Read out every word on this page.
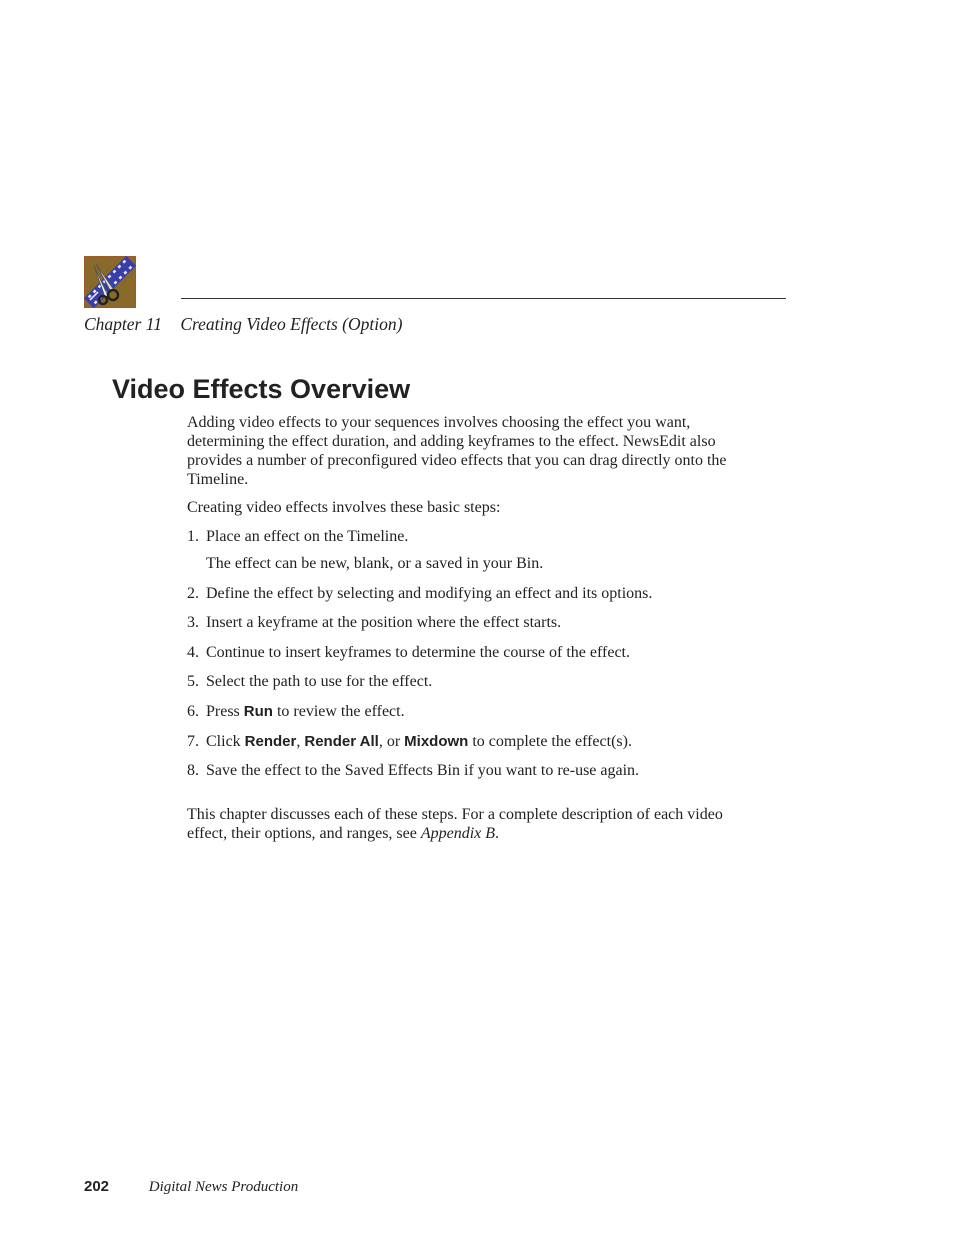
Chapter 11 Creating Video Effects (Option)
Video Effects Overview

Adding video effects to your sequences involves choosing the effect you want, determining the effect duration, and adding keyframes to the effect. NewsEdit also provides a number of preconfigured video effects that you can drag directly onto the Timeline.

Creating video effects involves these basic steps:

1. Place an effect on the Timeline.
The effect can be new, blank, or a saved in your Bin.
2. Define the effect by selecting and modifying an effect and its options.
3. Insert a keyframe at the position where the effect starts.
4. Continue to insert keyframes to determine the course of the effect.
5. Select the path to use for the effect.
6. Press Run to review the effect.
7. Click Render, Render All, or Mixdown to complete the effect(s).
8. Save the effect to the Saved Effects Bin if you want to re-use again.

This chapter discusses each of these steps. For a complete description of each video effect, their options, and ranges, see Appendix B.

202	Digital News Production
